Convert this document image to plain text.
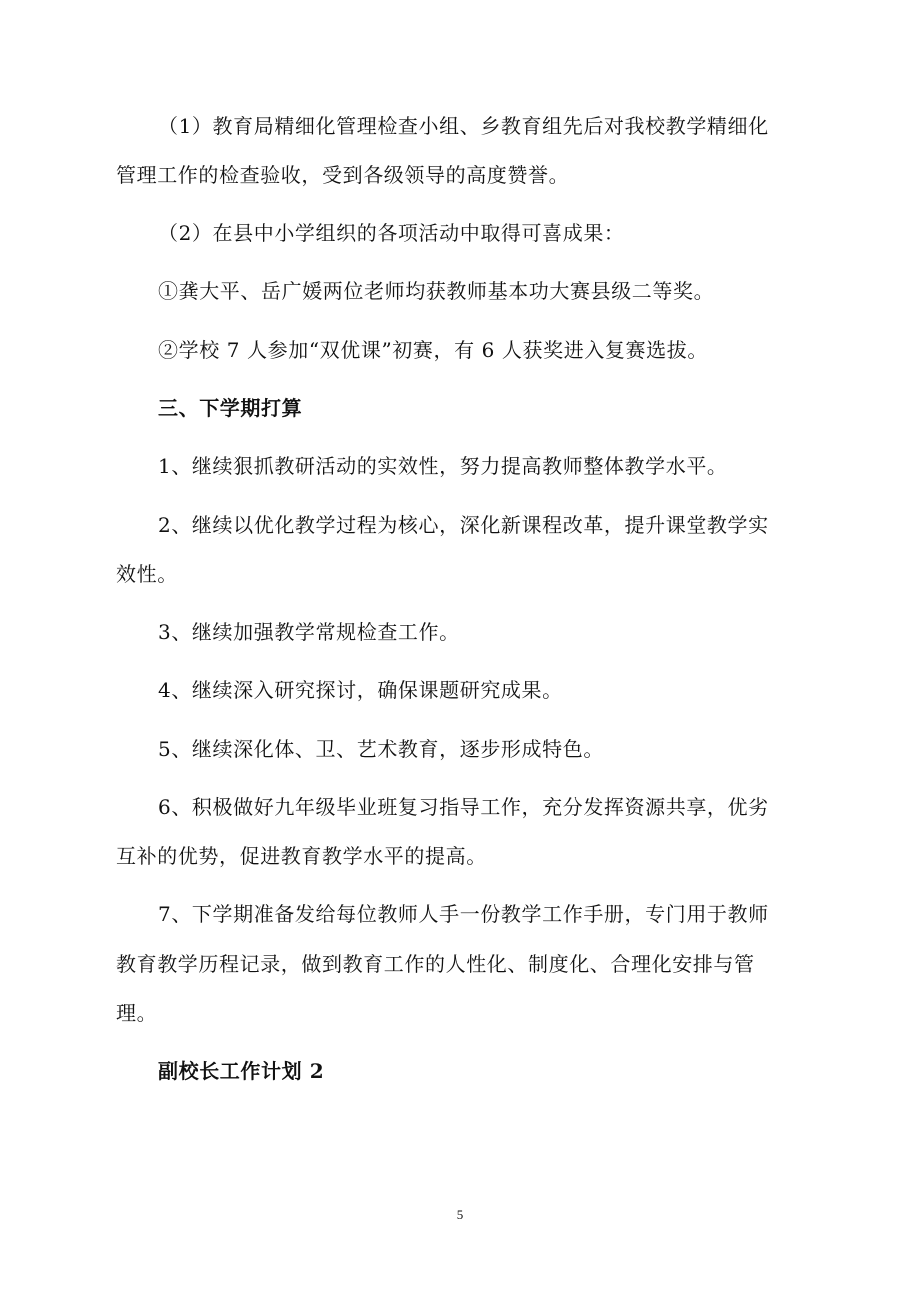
（1）教育局精细化管理检查小组、乡教育组先后对我校教学精细化
管理工作的检查验收，受到各级领导的高度赞誉。
（2）在县中小学组织的各项活动中取得可喜成果：
①龚大平、岳广媛两位老师均获教师基本功大赛县级二等奖。
②学校 7 人参加“双优课”初赛，有 6 人获奖进入复赛选拔。
三、下学期打算
1、继续狠抓教研活动的实效性，努力提高教师整体教学水平。
2、继续以优化教学过程为核心，深化新课程改革，提升课堂教学实
效性。
3、继续加强教学常规检查工作。
4、继续深入研究探讨，确保课题研究成果。
5、继续深化体、卫、艺术教育，逐步形成特色。
6、积极做好九年级毕业班复习指导工作，充分发挥资源共享，优劣
互补的优势，促进教育教学水平的提高。
7、下学期准备发给每位教师人手一份教学工作手册，专门用于教师
教育教学历程记录，做到教育工作的人性化、制度化、合理化安排与管
理。
副校长工作计划 2
5
